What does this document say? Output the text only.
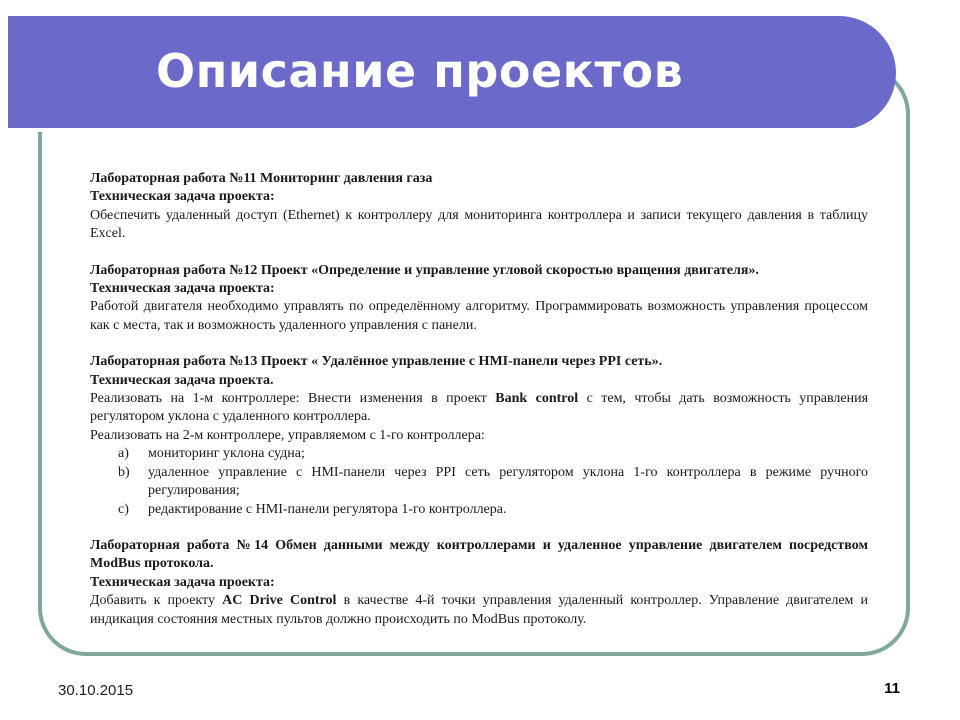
Описание проектов
Лабораторная работа №11 Мониторинг давления газа
Техническая задача проекта:
Обеспечить удаленный доступ (Ethernet) к контроллеру для мониторинга контроллера и записи текущего давления в таблицу Excel.
Лабораторная работа №12 Проект «Определение и управление угловой скоростью вращения двигателя».
Техническая задача проекта:
Работой двигателя необходимо управлять по определённому алгоритму. Программировать возможность управления процессом как с места, так и возможность удаленного управления с панели.
Лабораторная работа №13 Проект « Удалённое управление с HMI-панели через PPI сеть».
Техническая задача проекта.
Реализовать на 1-м контроллере: Внести изменения в проект Bank control с тем, чтобы дать возможность управления регулятором уклона с удаленного контроллера.
Реализовать на 2-м контроллере, управляемом с 1-го контроллера:
a)	мониторинг уклона судна;
b)	удаленное управление с HMI-панели через PPI сеть регулятором уклона 1-го контроллера в режиме ручного регулирования;
c)	редактирование с HMI-панели регулятора 1-го контроллера.
Лабораторная работа №14 Обмен данными между контроллерами и удаленное управление двигателем посредством ModBus протокола.
Техническая задача проекта:
Добавить к проекту AC Drive Control в качестве 4-й точки управления удаленный контроллер. Управление двигателем и индикация состояния местных пультов должно происходить по ModBus протоколу.
30.10.2015	11
